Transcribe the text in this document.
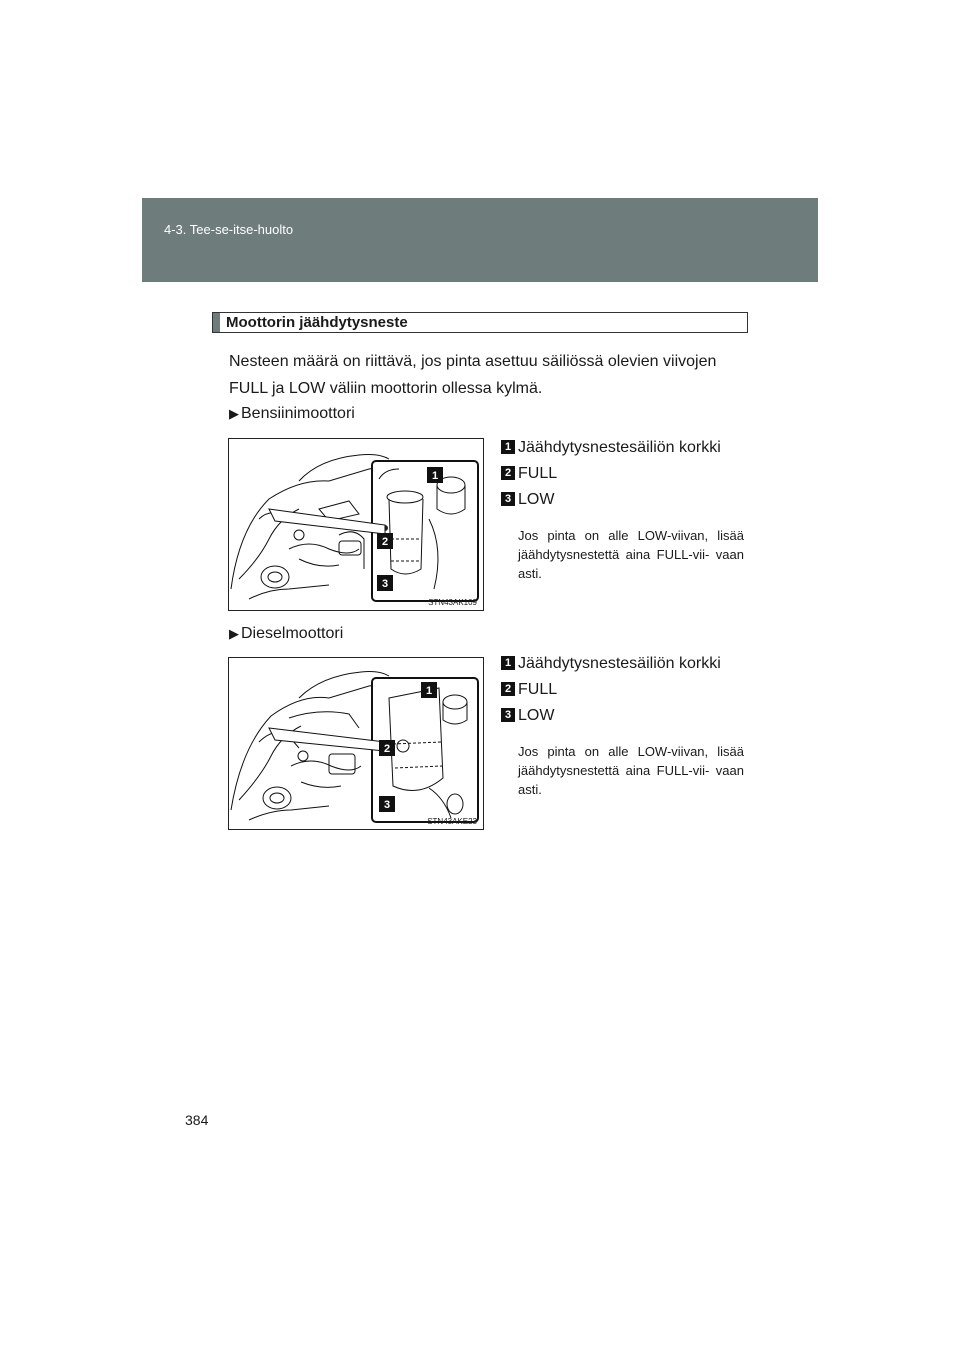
4-3. Tee-se-itse-huolto
Moottorin jäähdytysneste
Nesteen määrä on riittävä, jos pinta asettuu säiliössä olevien viivojen FULL ja LOW väliin moottorin ollessa kylmä.
▶ Bensiinimoottori
1
2
3
STN43AK109
1 Jäähdytysnestesäiliön korkki
2 FULL
3 LOW
Jos pinta on alle LOW-viivan, lisää jäähdytysnestettä aina FULL-vii- vaan asti.
▶ Dieselmoottori
1
2
3
STN43AKE23
1 Jäähdytysnestesäiliön korkki
2 FULL
3 LOW
Jos pinta on alle LOW-viivan, lisää jäähdytysnestettä aina FULL-vii- vaan asti.
384
